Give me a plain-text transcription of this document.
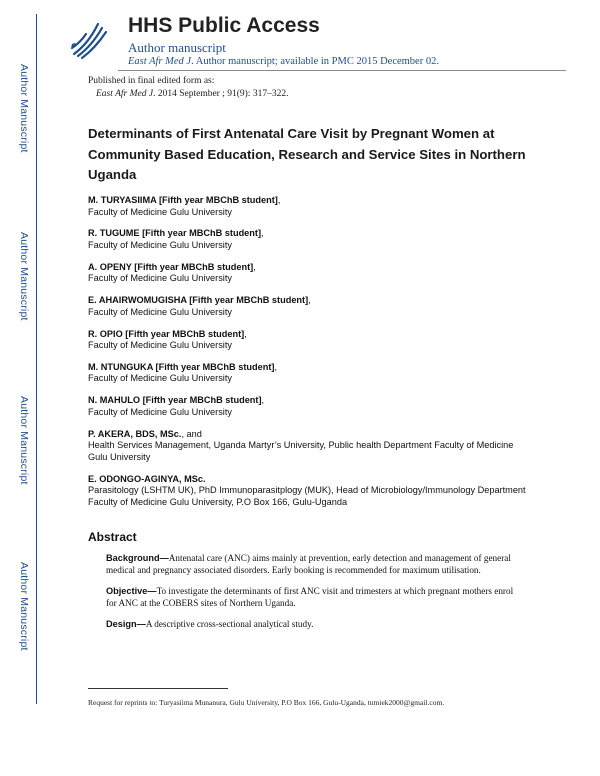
Author Manuscript
Author Manuscript
Author Manuscript
Author Manuscript
HHS Public Access
Author manuscript
East Afr Med J. Author manuscript; available in PMC 2015 December 02.
Published in final edited form as:
East Afr Med J. 2014 September ; 91(9): 317–322.
Determinants of First Antenatal Care Visit by Pregnant Women at Community Based Education, Research and Service Sites in Northern Uganda
M. TURYASIIMA [Fifth year MBChB student],
Faculty of Medicine Gulu University
R. TUGUME [Fifth year MBChB student],
Faculty of Medicine Gulu University
A. OPENY [Fifth year MBChB student],
Faculty of Medicine Gulu University
E. AHAIRWOMUGISHA [Fifth year MBChB student],
Faculty of Medicine Gulu University
R. OPIO [Fifth year MBChB student],
Faculty of Medicine Gulu University
M. NTUNGUKA [Fifth year MBChB student],
Faculty of Medicine Gulu University
N. MAHULO [Fifth year MBChB student],
Faculty of Medicine Gulu University
P. AKERA, BDS, MSc., and
Health Services Management, Uganda Martyr’s University, Public health Department Faculty of Medicine Gulu University
E. ODONGO-AGINYA, MSc.
Parasitology (LSHTM UK), PhD Immunoparasitplogy (MUK), Head of Microbiology/Immunology Department Faculty of Medicine Gulu University, P.O Box 166, Gulu-Uganda
Abstract
Background—Antenatal care (ANC) aims mainly at prevention, early detection and management of general medical and pregnancy associated disorders. Early booking is recommended for maximum utilisation.
Objective—To investigate the determinants of first ANC visit and trimesters at which pregnant mothers enrol for ANC at the COBERS sites of Northern Uganda.
Design—A descriptive cross-sectional analytical study.
Request for reprints to: Turyasiima Munanura, Gulu University, P.O Box 166, Gulu-Uganda, tumiek2000@gmail.com.
